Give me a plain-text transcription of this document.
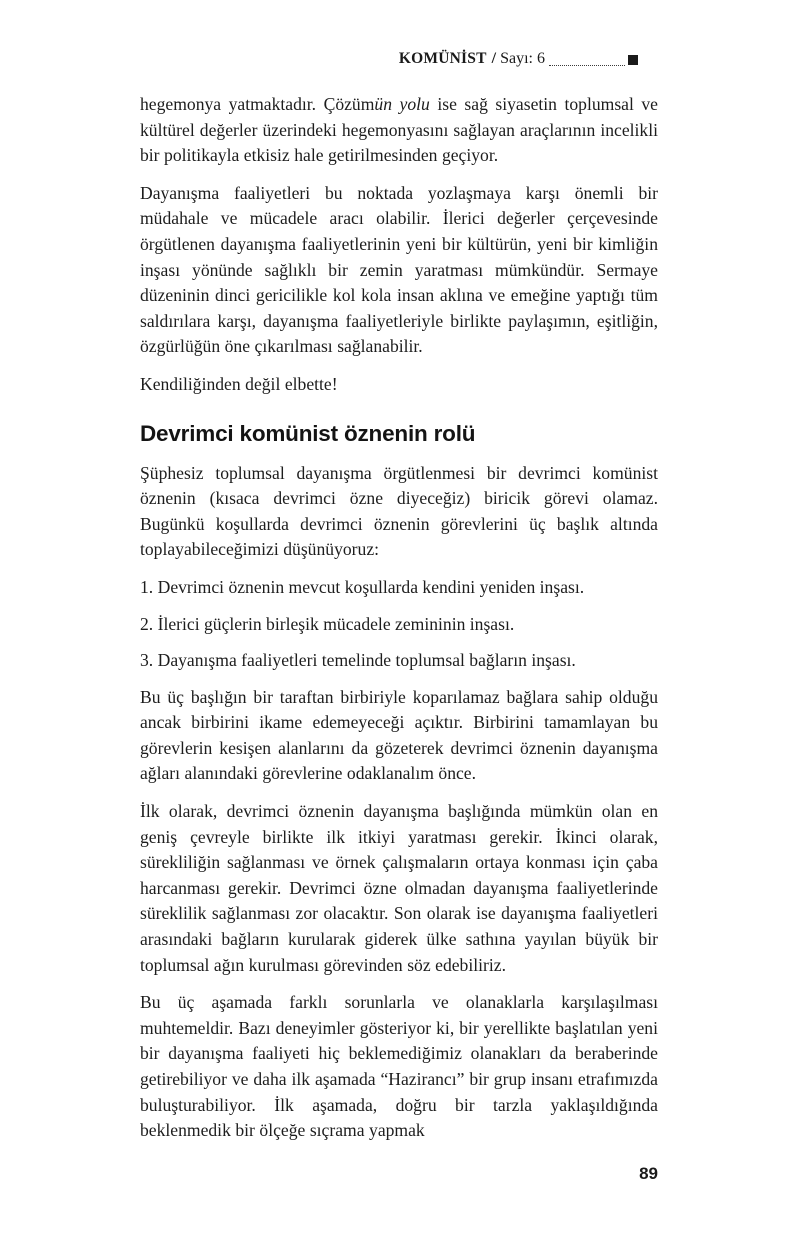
KOMÜNİST / Sayı: 6

hegemonya yatmaktadır. Çözümün yolu ise sağ siyasetin toplumsal ve kültürel değerler üzerindeki hegemonyasını sağlayan araçlarının incelikli bir politikayla etkisiz hale getirilmesinden geçiyor.

Dayanışma faaliyetleri bu noktada yozlaşmaya karşı önemli bir müdahale ve mücadele aracı olabilir. İlerici değerler çerçevesinde örgütlenen dayanışma faaliyetlerinin yeni bir kültürün, yeni bir kimliğin inşası yönünde sağlıklı bir zemin yaratması mümkündür. Sermaye düzeninin dinci gericilikle kol kola insan aklına ve emeğine yaptığı tüm saldırılara karşı, dayanışma faaliyetleriyle birlikte paylaşımın, eşitliğin, özgürlüğün öne çıkarılması sağlanabilir.

Kendiliğinden değil elbette!

Devrimci komünist öznenin rolü

Şüphesiz toplumsal dayanışma örgütlenmesi bir devrimci komünist öznenin (kısaca devrimci özne diyeceğiz) biricik görevi olamaz. Bugünkü koşullarda devrimci öznenin görevlerini üç başlık altında toplayabileceğimizi düşünüyoruz:

1. Devrimci öznenin mevcut koşullarda kendini yeniden inşası.

2. İlerici güçlerin birleşik mücadele zemininin inşası.

3. Dayanışma faaliyetleri temelinde toplumsal bağların inşası.

Bu üç başlığın bir taraftan birbiriyle koparılamaz bağlara sahip olduğu ancak birbirini ikame edemeyeceği açıktır. Birbirini tamamlayan bu görevlerin kesişen alanlarını da gözeterek devrimci öznenin dayanışma ağları alanındaki görevlerine odaklanalım önce.

İlk olarak, devrimci öznenin dayanışma başlığında mümkün olan en geniş çevreyle birlikte ilk itkiyi yaratması gerekir. İkinci olarak, sürekliliğin sağlanması ve örnek çalışmaların ortaya konması için çaba harcanması gerekir. Devrimci özne olmadan dayanışma faaliyetlerinde süreklilik sağlanması zor olacaktır. Son olarak ise dayanışma faaliyetleri arasındaki bağların kurularak giderek ülke sathına yayılan büyük bir toplumsal ağın kurulması görevinden söz edebiliriz.

Bu üç aşamada farklı sorunlarla ve olanaklarla karşılaşılması muhtemeldir. Bazı deneyimler gösteriyor ki, bir yerellikte başlatılan yeni bir dayanışma faaliyeti hiç beklemediğimiz olanakları da beraberinde getirebiliyor ve daha ilk aşamada “Hazirancı” bir grup insanı etrafımızda buluşturabiliyor. İlk aşamada, doğru bir tarzla yaklaşıldığında beklenmedik bir ölçeğe sıçrama yapmak

89
